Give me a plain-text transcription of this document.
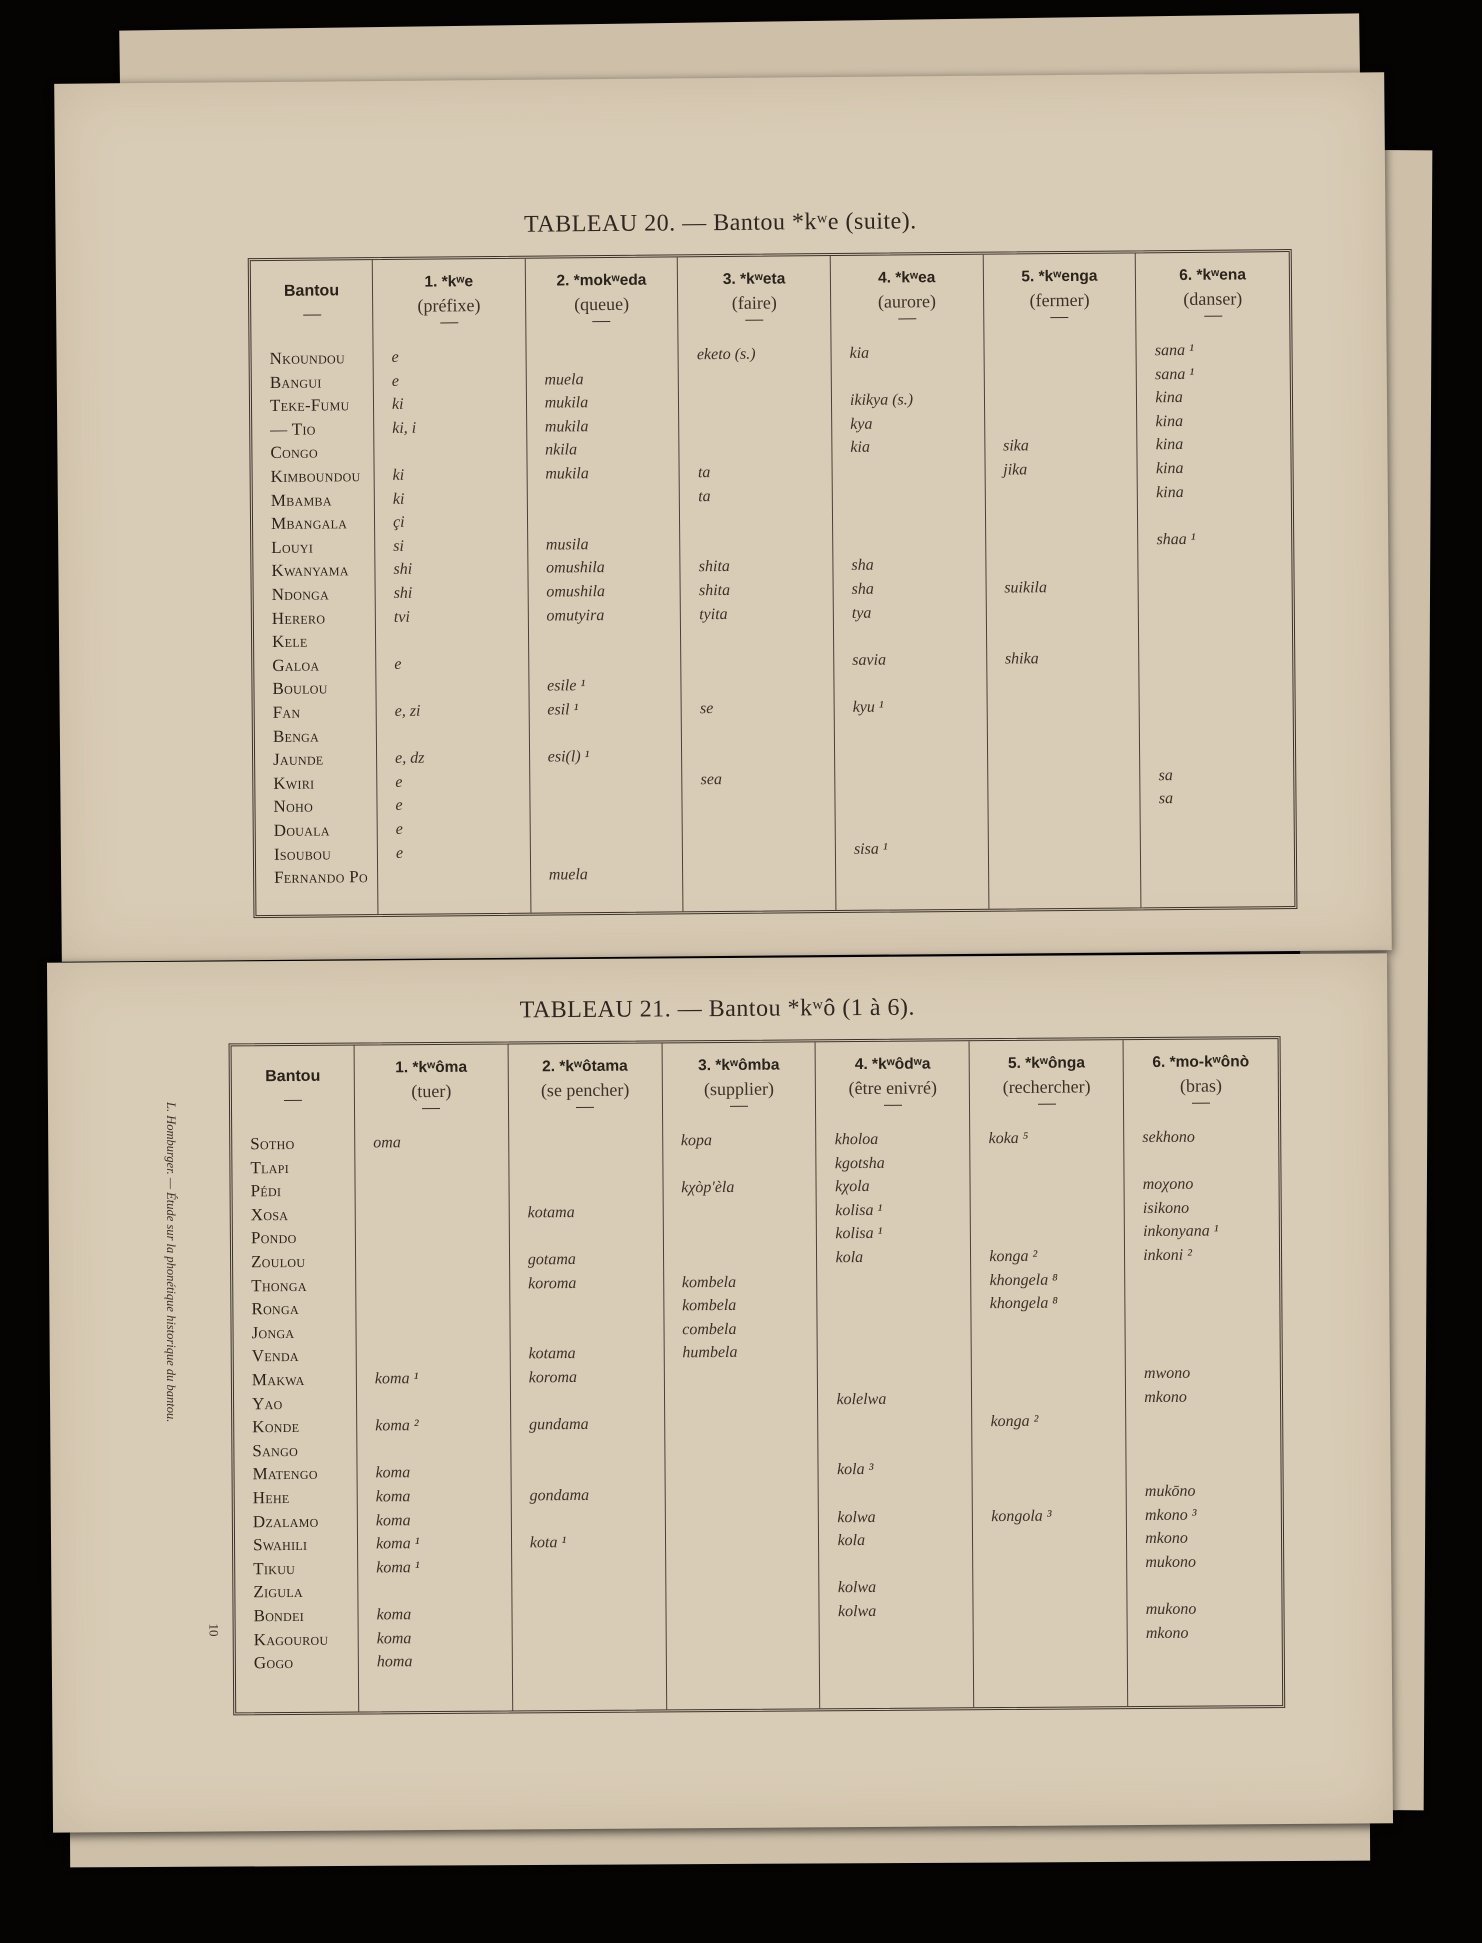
TABLEAU 20. — Bantou *kʷe (suite).
Bantou
Nkoundou
Bangui
Teke-Fumu
— Tio
Congo
Kimboundou
Mbamba
Mbangala
Louyi
Kwanyama
Ndonga
Herero
Kele
Galoa
Boulou
Fan
Benga
Jaunde
Kwiri
Noho
Douala
Isoubou
Fernando Po
1. *kʷe
(préfixe)
e
e
ki
ki, i
ki
ki
çi
si
shi
shi
tvi
e
e, zi
e, dz
e
e
e
e
2. *mokʷeda
(queue)
muela
mukila
mukila
nkila
mukila
musila
omushila
omushila
omutyira
esile ¹
esil ¹
esi(l) ¹
muela
3. *kʷeta
(faire)
eketo (s.)
ta
ta
shita
shita
tyita
se
sea
4. *kʷea
(aurore)
kia
ikikya (s.)
kya
kia
sha
sha
tya
savia
kyu ¹
sisa ¹
5. *kʷenga
(fermer)
sika
jika
suikila
shika
6. *kʷena
(danser)
sana ¹
sana ¹
kina
kina
kina
kina
kina
shaa ¹
sa
sa
TABLEAU 21. — Bantou *kʷô (1 à 6).
Bantou
Sotho
Tlapi
Pédi
Xosa
Pondo
Zoulou
Thonga
Ronga
Jonga
Venda
Makwa
Yao
Konde
Sango
Matengo
Hehe
Dzalamo
Swahili
Tikuu
Zigula
Bondei
Kagourou
Gogo
1. *kʷôma
(tuer)
oma
koma ¹
koma ²
koma
koma
koma
koma ¹
koma ¹
koma
koma
homa
2. *kʷôtama
(se pencher)
kotama
gotama
koroma
kotama
koroma
gundama
gondama
kota ¹
3. *kʷômba
(supplier)
kopa
kχòp'èla
kombela
kombela
combela
humbela
4. *kʷôdʷa
(être enivré)
kholoa
kgotsha
kχola
kolisa ¹
kolisa ¹
kola
kolelwa
kola ³
kolwa
kola
kolwa
kolwa
5. *kʷônga
(rechercher)
koka ⁵
konga ²
khongela ⁸
khongela ⁸
konga ²
kongola ³
6. *mo-kʷônò
(bras)
sekhono
moχono
isikono
inkonyana ¹
inkoni ²
mwono
mkono
mukōno
mkono ³
mkono
mukono
mukono
mkono
L. Homburger. — Étude sur la phonétique historique du bantou.
10
